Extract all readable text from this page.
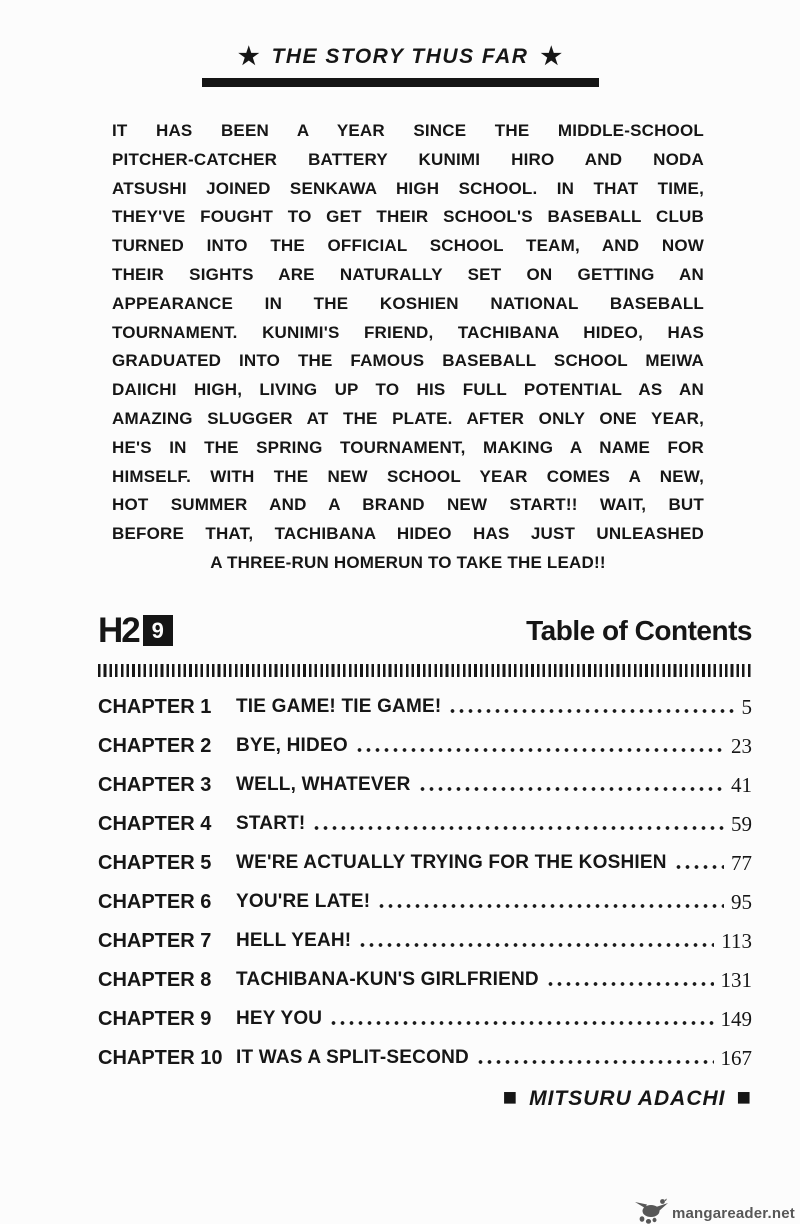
★ THE STORY THUS FAR ★
IT HAS BEEN A YEAR SINCE THE MIDDLE-SCHOOL
PITCHER-CATCHER BATTERY KUNIMI HIRO AND NODA
ATSUSHI JOINED SENKAWA HIGH SCHOOL. IN THAT TIME,
THEY'VE FOUGHT TO GET THEIR SCHOOL'S BASEBALL CLUB
TURNED INTO THE OFFICIAL SCHOOL TEAM, AND NOW
THEIR SIGHTS ARE NATURALLY SET ON GETTING AN
APPEARANCE IN THE KOSHIEN NATIONAL BASEBALL
TOURNAMENT. KUNIMI'S FRIEND, TACHIBANA HIDEO, HAS
GRADUATED INTO THE FAMOUS BASEBALL SCHOOL MEIWA
DAIICHI HIGH, LIVING UP TO HIS FULL POTENTIAL AS AN
AMAZING SLUGGER AT THE PLATE. AFTER ONLY ONE YEAR,
HE'S IN THE SPRING TOURNAMENT, MAKING A NAME FOR
HIMSELF. WITH THE NEW SCHOOL YEAR COMES A NEW,
HOT SUMMER AND A BRAND NEW START!! WAIT, BUT
BEFORE THAT, TACHIBANA HIDEO HAS JUST UNLEASHED
A THREE-RUN HOMERUN TO TAKE THE LEAD!!
H2 9	Table of Contents
CHAPTER 1	TIE GAME! TIE GAME!	5
CHAPTER 2	BYE, HIDEO	23
CHAPTER 3	WELL, WHATEVER	41
CHAPTER 4	START!	59
CHAPTER 5	WE'RE ACTUALLY TRYING FOR THE KOSHIEN	77
CHAPTER 6	YOU'RE LATE!	95
CHAPTER 7	HELL YEAH!	113
CHAPTER 8	TACHIBANA-KUN'S GIRLFRIEND	131
CHAPTER 9	HEY YOU	149
CHAPTER 10 IT WAS A SPLIT-SECOND	167
■ MITSURU ADACHI ■
mangareader.net
